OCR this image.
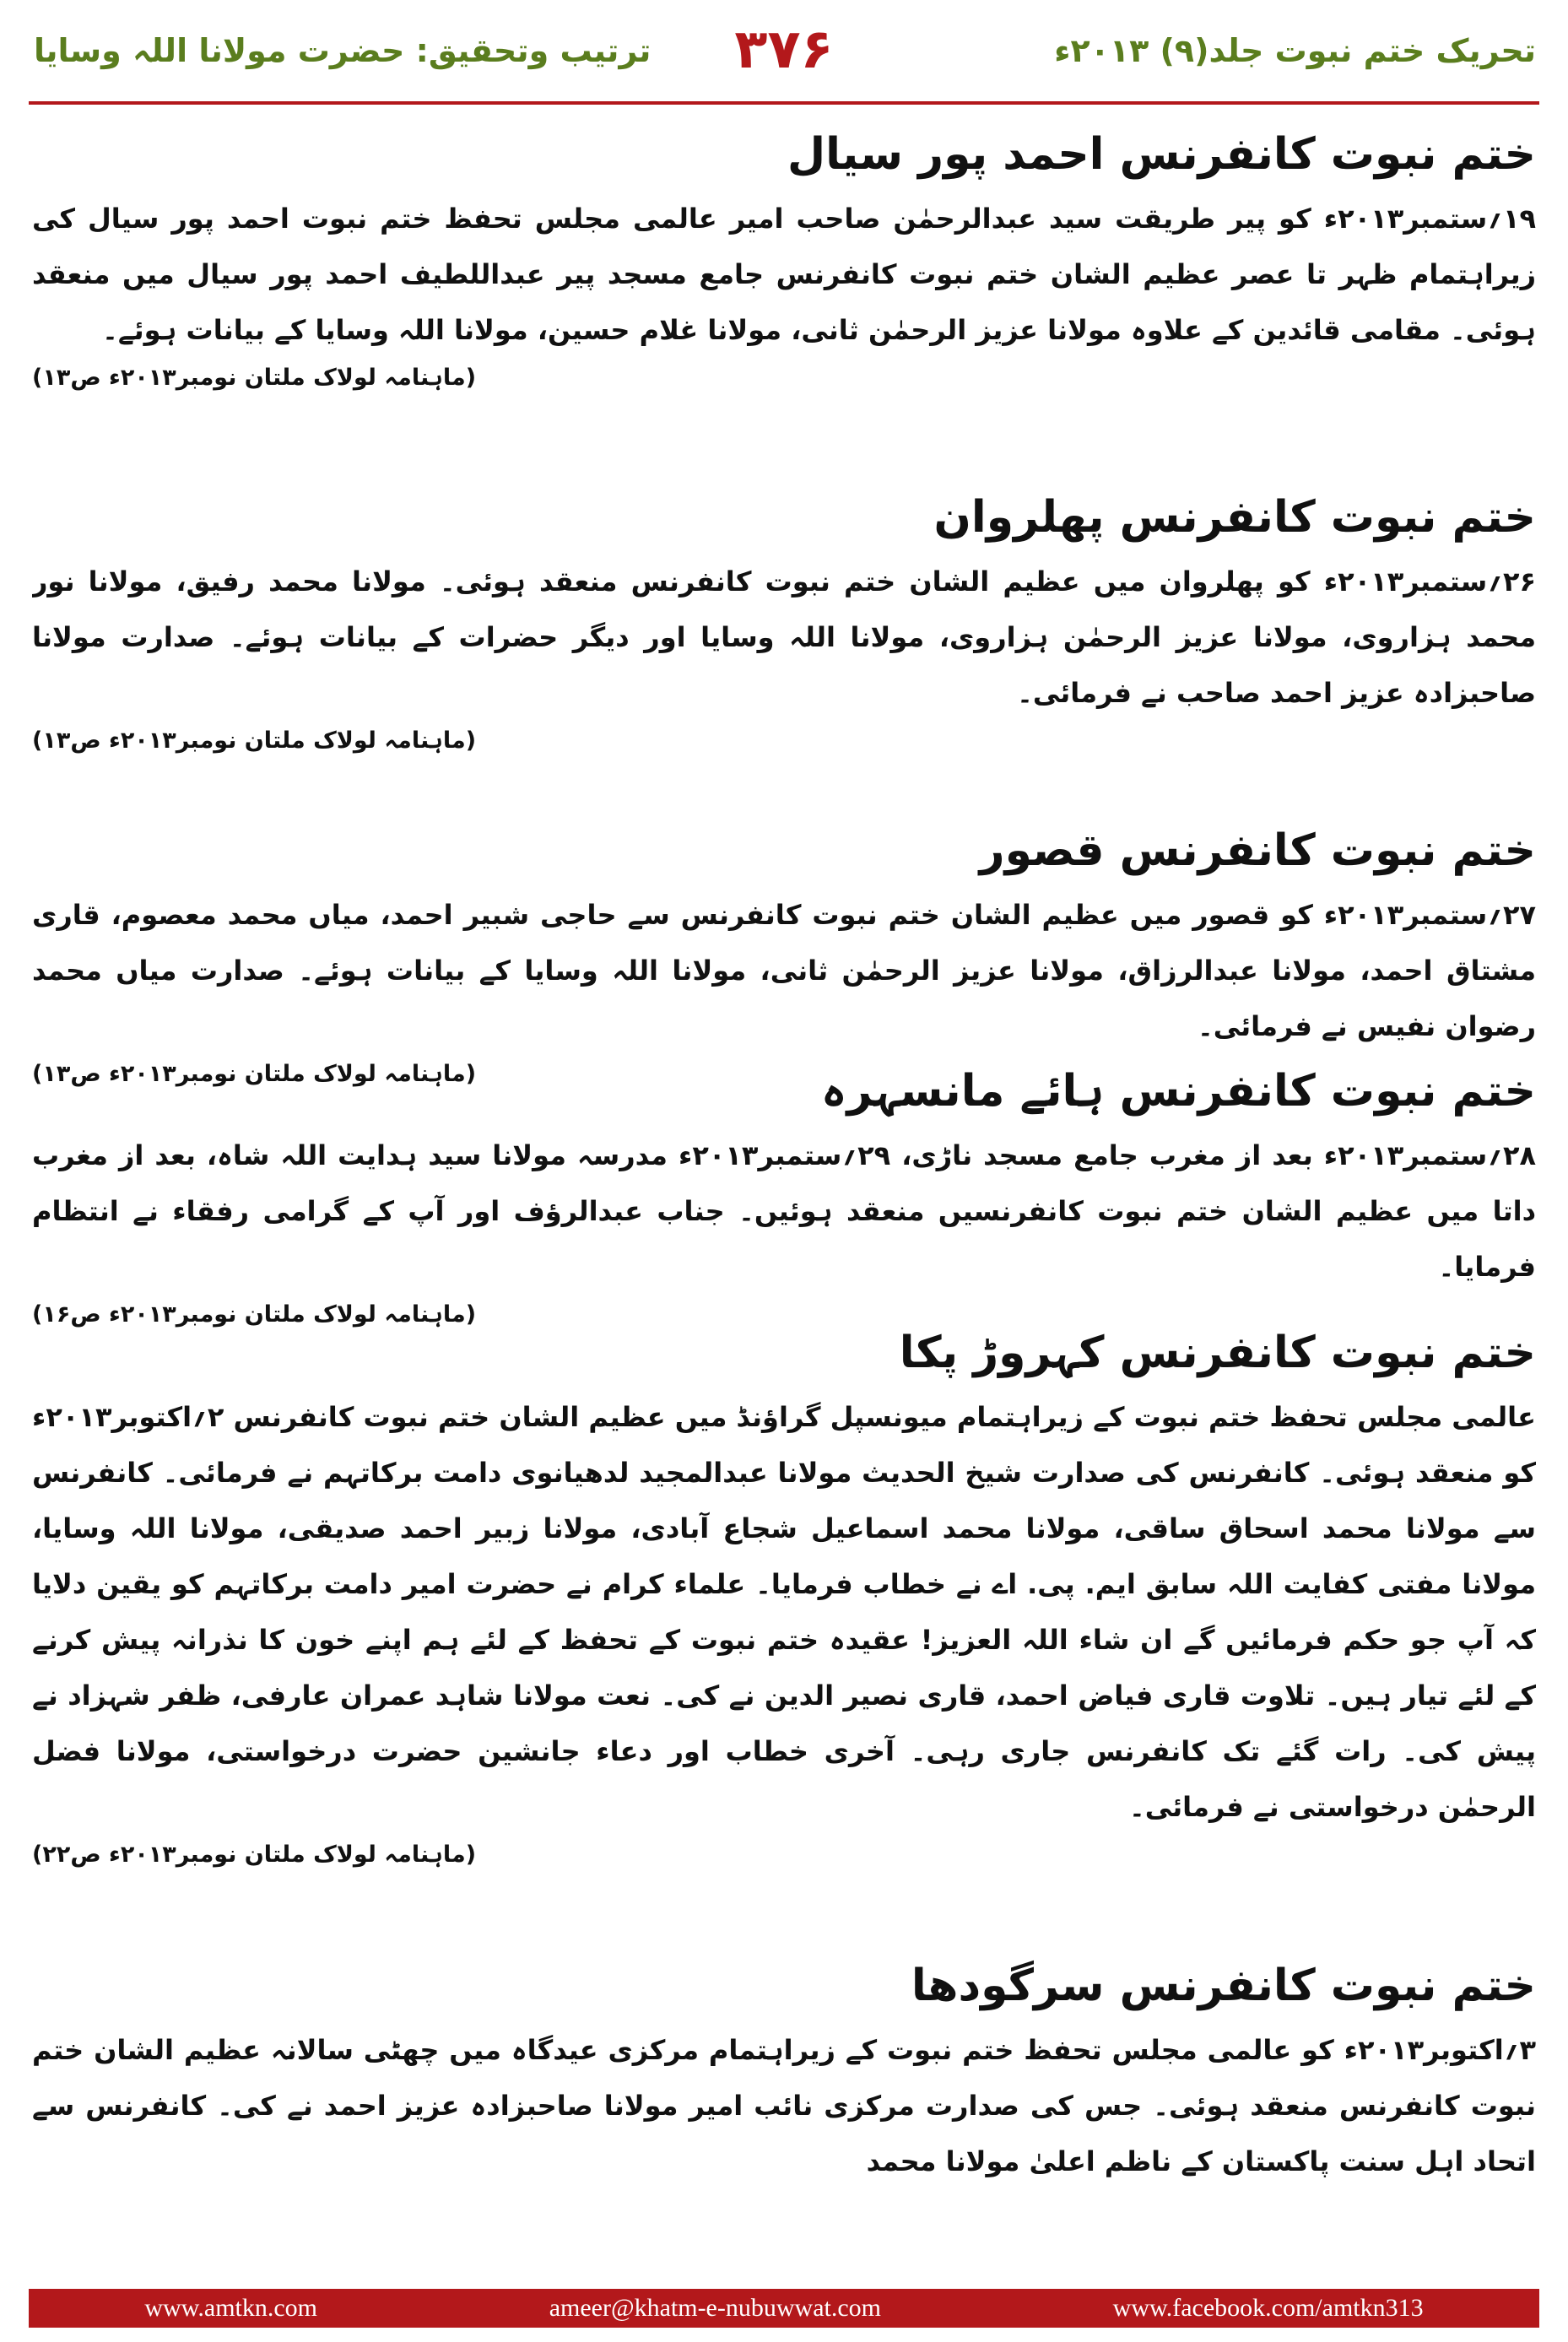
تحریک ختم نبوت جلد(۹) ۲۰۱۳ء
۳۷۶
ترتیب وتحقیق: حضرت مولانا اللہ وسایا
ختم نبوت کانفرنس احمد پور سیال

۱۹؍ستمبر۲۰۱۳ء کو پیر طریقت سید عبدالرحمٰن صاحب امیر عالمی مجلس تحفظ ختم نبوت احمد پور سیال کی زیراہتمام ظہر تا عصر عظیم الشان ختم نبوت کانفرنس جامع مسجد پیر عبداللطیف احمد پور سیال میں منعقد ہوئی۔ مقامی قائدین کے علاوہ مولانا عزیز الرحمٰن ثانی، مولانا غلام حسین، مولانا اللہ وسایا کے بیانات ہوئے۔

(ماہنامہ لولاک ملتان نومبر۲۰۱۳ء ص۱۳)

ختم نبوت کانفرنس پھلروان

۲۶؍ستمبر۲۰۱۳ء کو پھلروان میں عظیم الشان ختم نبوت کانفرنس منعقد ہوئی۔ مولانا محمد رفیق، مولانا نور محمد ہزاروی، مولانا عزیز الرحمٰن ہزاروی، مولانا اللہ وسایا اور دیگر حضرات کے بیانات ہوئے۔ صدارت مولانا صاحبزادہ عزیز احمد صاحب نے فرمائی۔

(ماہنامہ لولاک ملتان نومبر۲۰۱۳ء ص۱۳)

ختم نبوت کانفرنس قصور

۲۷؍ستمبر۲۰۱۳ء کو قصور میں عظیم الشان ختم نبوت کانفرنس سے حاجی شبیر احمد، میاں محمد معصوم، قاری مشتاق احمد، مولانا عبدالرزاق، مولانا عزیز الرحمٰن ثانی، مولانا اللہ وسایا کے بیانات ہوئے۔ صدارت میاں محمد رضوان نفیس نے فرمائی۔

(ماہنامہ لولاک ملتان نومبر۲۰۱۳ء ص۱۳)	ختم نبوت کانفرنس ہائے مانسہرہ

۲۸؍ستمبر۲۰۱۳ء بعد از مغرب جامع مسجد ناڑی، ۲۹؍ستمبر۲۰۱۳ء مدرسہ مولانا سید ہدایت اللہ شاہ، بعد از مغرب داتا میں عظیم الشان ختم نبوت کانفرنسیں منعقد ہوئیں۔ جناب عبدالرؤف اور آپ کے گرامی رفقاء نے انتظام فرمایا۔

(ماہنامہ لولاک ملتان نومبر۲۰۱۳ء ص۱۶)

ختم نبوت کانفرنس کہروڑ پکا

عالمی مجلس تحفظ ختم نبوت کے زیراہتمام میونسپل گراؤنڈ میں عظیم الشان ختم نبوت کانفرنس ۲؍اکتوبر۲۰۱۳ء کو منعقد ہوئی۔ کانفرنس کی صدارت شیخ الحدیث مولانا عبدالمجید لدھیانوی دامت برکاتہم نے فرمائی۔ کانفرنس سے مولانا محمد اسحاق ساقی، مولانا محمد اسماعیل شجاع آبادی، مولانا زبیر احمد صدیقی، مولانا اللہ وسایا، مولانا مفتی کفایت اللہ سابق ایم. پی. اے نے خطاب فرمایا۔ علماء کرام نے حضرت امیر دامت برکاتہم کو یقین دلایا کہ آپ جو حکم فرمائیں گے ان شاء اللہ العزیز! عقیدہ ختم نبوت کے تحفظ کے لئے ہم اپنے خون کا نذرانہ پیش کرنے کے لئے تیار ہیں۔ تلاوت قاری فیاض احمد، قاری نصیر الدین نے کی۔ نعت مولانا شاہد عمران عارفی، ظفر شہزاد نے پیش کی۔ رات گئے تک کانفرنس جاری رہی۔ آخری خطاب اور دعاء جانشین حضرت درخواستی، مولانا فضل الرحمٰن درخواستی نے فرمائی۔

(ماہنامہ لولاک ملتان نومبر۲۰۱۳ء ص۲۲)

ختم نبوت کانفرنس سرگودھا

۳؍اکتوبر۲۰۱۳ء کو عالمی مجلس تحفظ ختم نبوت کے زیراہتمام مرکزی عیدگاہ میں چھٹی سالانہ عظیم الشان ختم نبوت کانفرنس منعقد ہوئی۔ جس کی صدارت مرکزی نائب امیر مولانا صاحبزادہ عزیز احمد نے کی۔ کانفرنس سے اتحاد اہل سنت پاکستان کے ناظم اعلیٰ مولانا محمد

www.amtkn.com	ameer@khatm-e-nubuwwat.com	www.facebook.com/amtkn313
